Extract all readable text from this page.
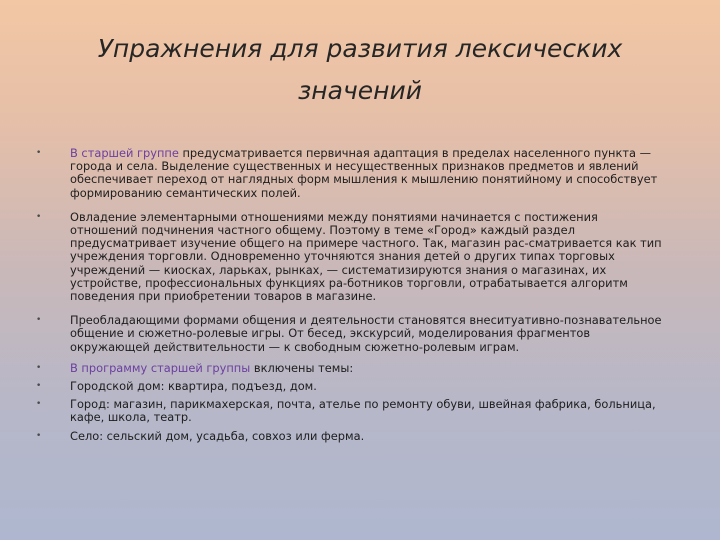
Упражнения для развития лексических значений
•	В старшей группе предусматривается первичная адаптация в пределах населенного пункта — города и села. Выделение существенных и несущественных признаков предметов и явлений обеспечивает переход от наглядных форм мышления к мышлению понятийному и способствует формированию семантических полей.
•	Овладение элементарными отношениями между понятиями начинается с постижения отношений подчинения частного общему. Поэтому в теме «Город» каждый раздел предусматривает изучение общего на примере частного. Так, магазин рас-сматривается как тип учреждения торговли. Одновременно уточняются знания детей о других типах торговых учреждений — киосках, ларьках, рынках, — систематизируются знания о магазинах, их устройстве, профессиональных функциях ра-ботников торговли, отрабатывается алгоритм поведения при приобретении товаров в магазине.
•	Преобладающими формами общения и деятельности становятся внеситуативно-познавательное общение и сюжетно-ролевые игры. От бесед, экскурсий, моделирования фрагментов окружающей действительности — к свободным сюжетно-ролевым играм.
•	В программу старшей группы включены темы:
•	Городской дом: квартира, подъезд, дом.
•	Город: магазин, парикмахерская, почта, ателье по ремонту обуви, швейная фабрика, больница, кафе, школа, театр.
•	Село: сельский дом, усадьба, совхоз или ферма.
